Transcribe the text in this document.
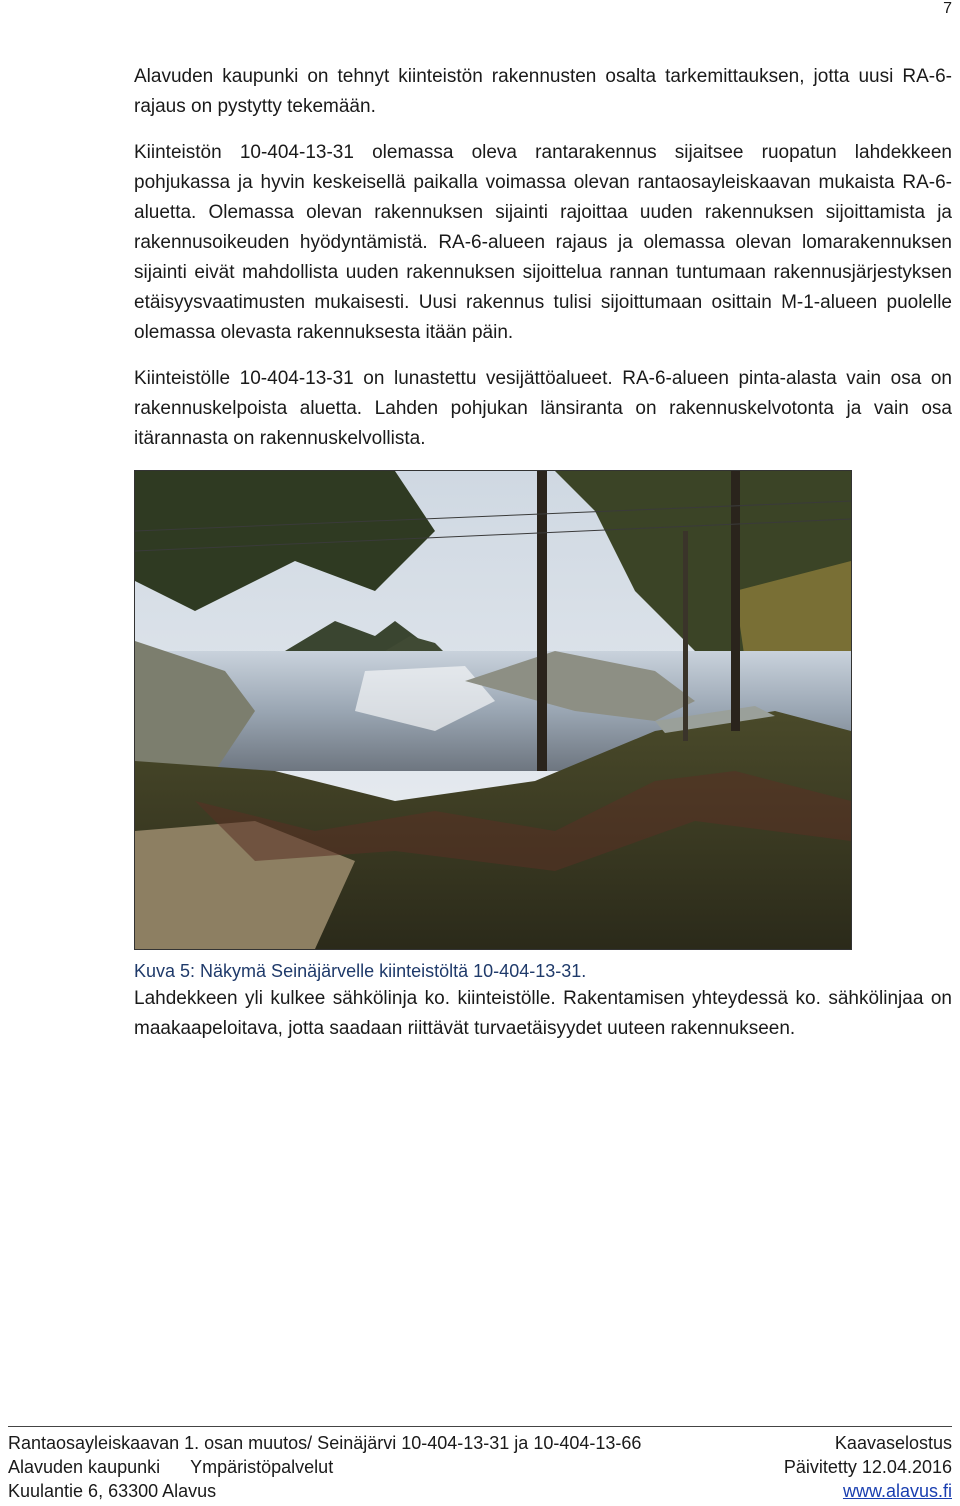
7

Alavuden kaupunki on tehnyt kiinteistön rakennusten osalta tarkemittauksen, jotta uusi RA-6- rajaus on pystytty tekemään.

Kiinteistön 10-404-13-31 olemassa oleva rantarakennus sijaitsee ruopatun lahdekkeen pohjukassa ja hyvin keskeisellä paikalla voimassa olevan rantaosayleiskaavan mukaista RA-6-aluetta. Olemassa olevan rakennuksen sijainti rajoittaa uuden rakennuksen sijoittamista ja rakennusoikeuden hyödyntämistä. RA-6-alueen rajaus ja olemassa olevan lomarakennuksen sijainti eivät mahdollista uuden rakennuksen sijoittelua rannan tuntumaan rakennusjärjestyksen etäisyysvaatimusten mukaisesti. Uusi rakennus tulisi sijoittumaan osittain M-1-alueen puolelle olemassa olevasta rakennuksesta itään päin.

Kiinteistölle 10-404-13-31 on lunastettu vesijättöalueet. RA-6-alueen pinta-alasta vain osa on rakennuskelpoista aluetta. Lahden pohjukan länsiranta on rakennuskelvotonta ja vain osa itärannasta on rakennuskelvollista.

Kuva 5: Näkymä Seinäjärvelle kiinteistöltä 10-404-13-31.

Lahdekkeen yli kulkee sähkölinja ko. kiinteistölle. Rakentamisen yhteydessä ko. sähkölinjaa on maakaapeloitava, jotta saadaan riittävät turvaetäisyydet uuteen rakennukseen.

Rantaosayleiskaavan 1. osan muutos/ Seinäjärvi 10-404-13-31 ja 10-404-13-66	Kaavaselostus
Alavuden kaupunki Ympäristöpalvelut	Päivitetty 12.04.2016
Kuulantie 6, 63300 Alavus	www.alavus.fi
